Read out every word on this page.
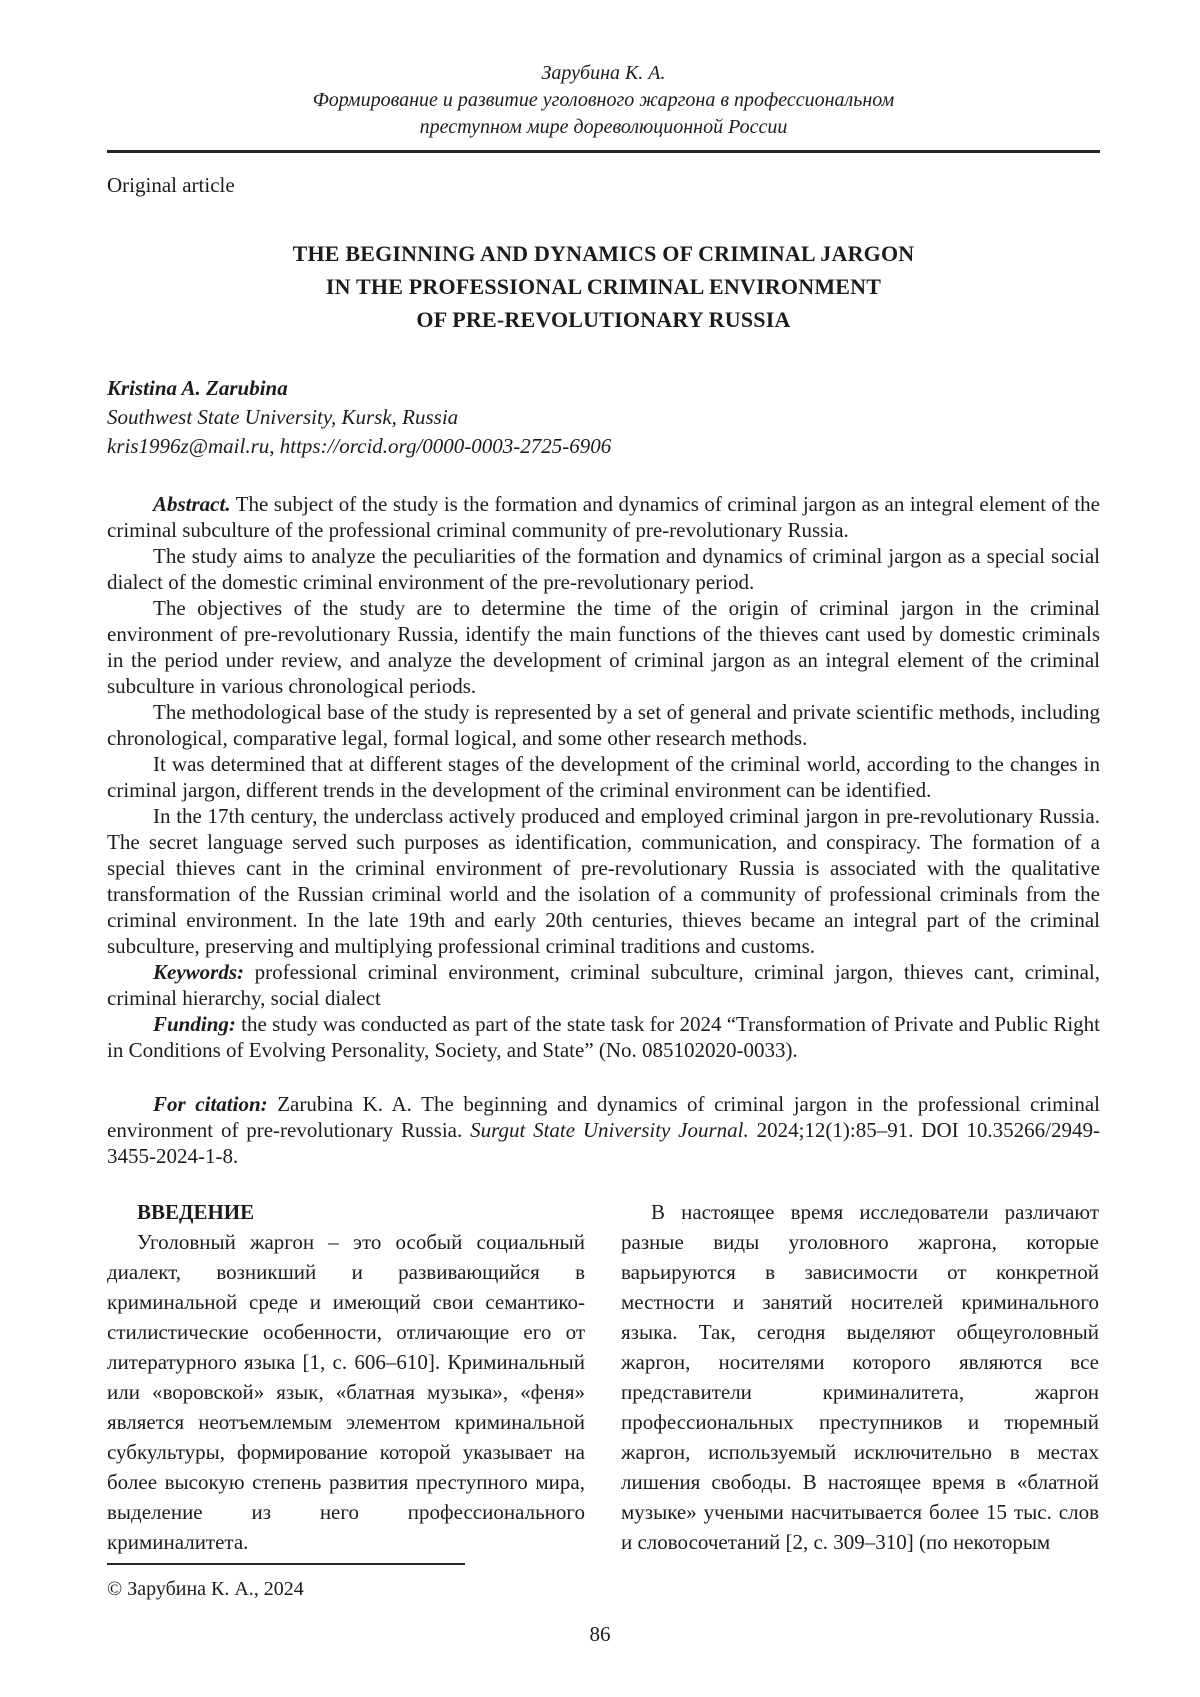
Зарубина К. А.
Формирование и развитие уголовного жаргона в профессиональном
преступном мире дореволюционной России
Original article
THE BEGINNING AND DYNAMICS OF CRIMINAL JARGON
IN THE PROFESSIONAL CRIMINAL ENVIRONMENT
OF PRE-REVOLUTIONARY RUSSIA
Kristina A. Zarubina
Southwest State University, Kursk, Russia
kris1996z@mail.ru, https://orcid.org/0000-0003-2725-6906

Abstract. The subject of the study is the formation and dynamics of criminal jargon as an integral element of the criminal subculture of the professional criminal community of pre-revolutionary Russia.

The study aims to analyze the peculiarities of the formation and dynamics of criminal jargon as a special social dialect of the domestic criminal environment of the pre-revolutionary period.

The objectives of the study are to determine the time of the origin of criminal jargon in the criminal environment of pre-revolutionary Russia, identify the main functions of the thieves cant used by domestic criminals in the period under review, and analyze the development of criminal jargon as an integral element of the criminal subculture in various chronological periods.

The methodological base of the study is represented by a set of general and private scientific methods, including chronological, comparative legal, formal logical, and some other research methods.

It was determined that at different stages of the development of the criminal world, according to the changes in criminal jargon, different trends in the development of the criminal environment can be identified.

In the 17th century, the underclass actively produced and employed criminal jargon in pre-revolutionary Russia. The secret language served such purposes as identification, communication, and conspiracy. The formation of a special thieves cant in the criminal environment of pre-revolutionary Russia is associated with the qualitative transformation of the Russian criminal world and the isolation of a community of professional criminals from the criminal environment. In the late 19th and early 20th centuries, thieves became an integral part of the criminal subculture, preserving and multiplying professional criminal traditions and customs.

Keywords: professional criminal environment, criminal subculture, criminal jargon, thieves cant, criminal, criminal hierarchy, social dialect

Funding: the study was conducted as part of the state task for 2024 “Transformation of Private and Public Right in Conditions of Evolving Personality, Society, and State” (No. 085102020-0033).

For citation: Zarubina K. A. The beginning and dynamics of criminal jargon in the professional criminal environment of pre-revolutionary Russia. Surgut State University Journal. 2024;12(1):85–91. DOI 10.35266/2949-3455-2024-1-8.

ВВЕДЕНИЕ

Уголовный жаргон – это особый социальный диалект, возникший и развивающийся в криминальной среде и имеющий свои семантико-стилистические особенности, отличающие его от литературного языка [1, с. 606–610]. Криминальный или «воровской» язык, «блатная музыка», «феня» является неотъемлемым элементом криминальной субкультуры, формирование которой указывает на более высокую степень развития преступного мира, выделение из него профессионального криминалитета.

В настоящее время исследователи различают разные виды уголовного жаргона, которые варьируются в зависимости от конкретной местности и занятий носителей криминального языка. Так, сегодня выделяют общеуголовный жаргон, носителями которого являются все представители криминалитета, жаргон профессиональных преступников и тюремный жаргон, используемый исключительно в местах лишения свободы. В настоящее время в «блатной музыке» учеными насчитывается более 15 тыс. слов и словосочетаний [2, с. 309–310] (по некоторым

© Зарубина К. А., 2024
86
